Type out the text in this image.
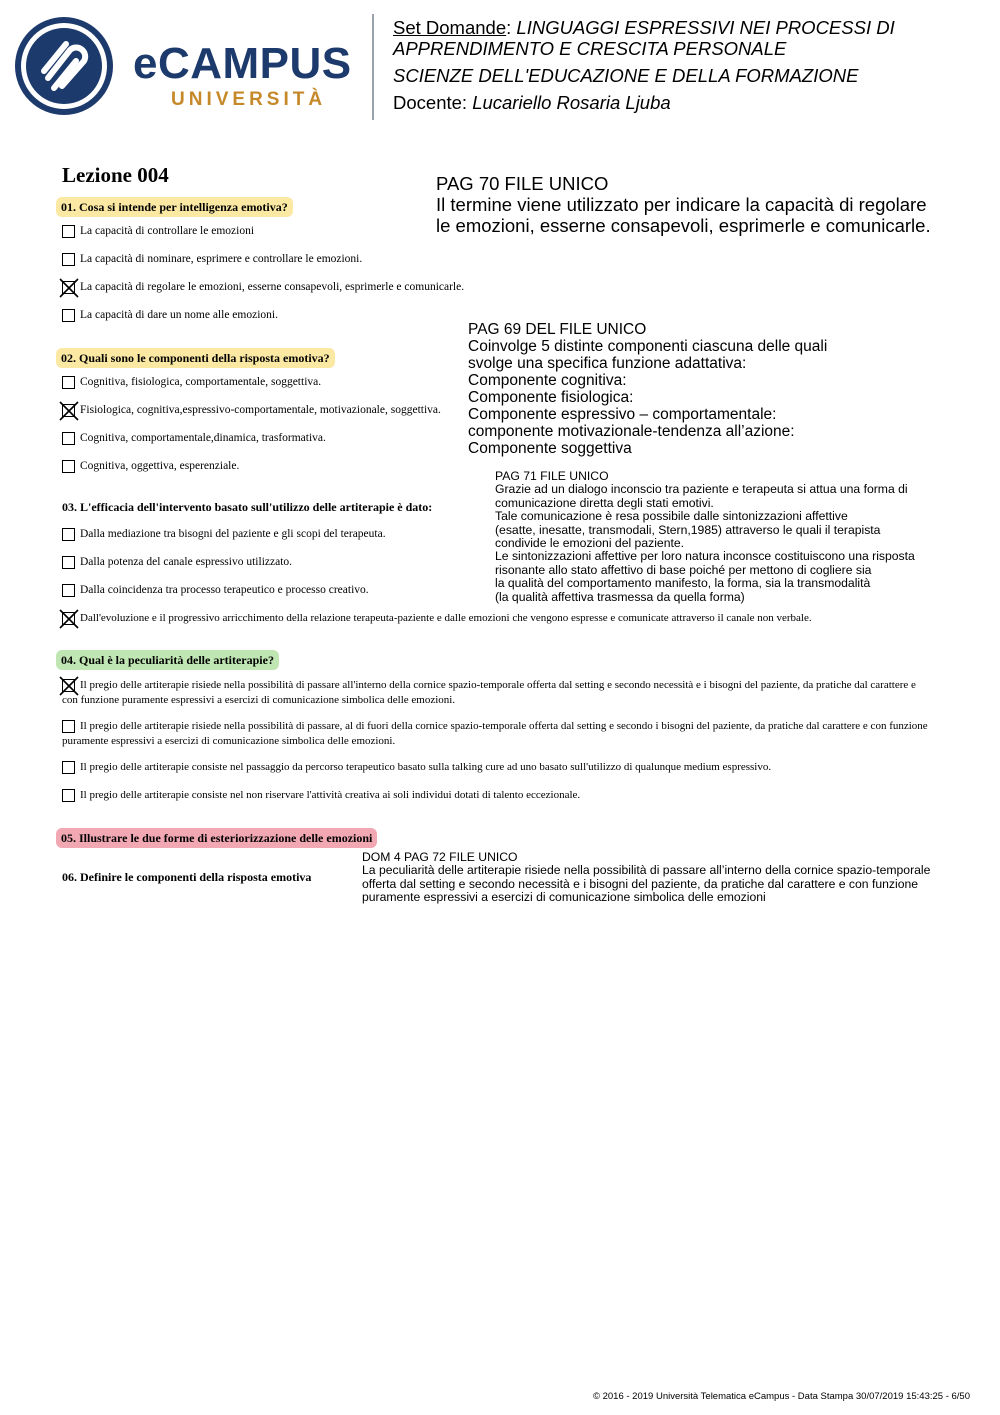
eCAMPUS
UNIVERSITÀ
Set Domande: LINGUAGGI ESPRESSIVI NEI PROCESSI DI
APPRENDIMENTO E CRESCITA PERSONALE
SCIENZE DELL'EDUCAZIONE E DELLA FORMAZIONE
Docente: Lucariello Rosaria Ljuba
Lezione 004
01. Cosa si intende per intelligenza emotiva?
La capacità di controllare le emozioni
La capacità di nominare, esprimere e controllare le emozioni.
La capacità di regolare le emozioni, esserne consapevoli, esprimerle e comunicarle.
La capacità di dare un nome alle emozioni.
02. Quali sono le componenti della risposta emotiva?
Cognitiva, fisiologica, comportamentale, soggettiva.
Fisiologica, cognitiva,espressivo-comportamentale, motivazionale, soggettiva.
Cognitiva, comportamentale,dinamica, trasformativa.
Cognitiva, oggettiva, esperenziale.
03. L'efficacia dell'intervento basato sull'utilizzo delle artiterapie è dato:
Dalla mediazione tra bisogni del paziente e gli scopi del terapeuta.
Dalla potenza del canale espressivo utilizzato.
Dalla coincidenza tra processo terapeutico e processo creativo.
Dall'evoluzione e il progressivo arricchimento della relazione terapeuta-paziente e dalle emozioni che vengono espresse e comunicate attraverso il canale non verbale.
04. Qual è la peculiarità delle artiterapie?
Il pregio delle artiterapie risiede nella possibilità di passare all'interno della cornice spazio-temporale offerta dal setting e secondo necessità e i bisogni del paziente, da pratiche dal carattere e con funzione puramente espressivi a esercizi di comunicazione simbolica delle emozioni.
Il pregio delle artiterapie risiede nella possibilità di passare, al di fuori della cornice spazio-temporale offerta dal setting e secondo i bisogni del paziente, da pratiche dal carattere e con funzione puramente espressivi a esercizi di comunicazione simbolica delle emozioni.
Il pregio delle artiterapie consiste nel passaggio da percorso terapeutico basato sulla talking cure ad uno basato sull'utilizzo di qualunque medium espressivo.
Il pregio delle artiterapie consiste nel non riservare l'attività creativa ai soli individui dotati di talento eccezionale.
05. Illustrare le due forme di esteriorizzazione delle emozioni
06. Definire le componenti della risposta emotiva
PAG 70 FILE UNICO
Il termine viene utilizzato per indicare la capacità di regolare
le emozioni, esserne consapevoli, esprimerle e comunicarle.
PAG 69 DEL FILE UNICO
Coinvolge 5 distinte componenti ciascuna delle quali
svolge una specifica funzione adattativa:
Componente cognitiva:
Componente fisiologica:
Componente espressivo – comportamentale:
componente motivazionale-tendenza all’azione:
Componente soggettiva
PAG 71 FILE UNICO
Grazie ad un dialogo inconscio tra paziente e terapeuta si attua una forma di
comunicazione diretta degli stati emotivi.
Tale comunicazione è resa possibile dalle sintonizzazioni affettive
(esatte, inesatte, transmodali, Stern,1985) attraverso le quali il terapista
condivide le emozioni del paziente.
Le sintonizzazioni affettive per loro natura inconsce costituiscono una risposta
risonante allo stato affettivo di base poiché per mettono di cogliere sia
la qualità del comportamento manifesto, la forma, sia la transmodalità
(la qualità affettiva trasmessa da quella forma)
DOM 4 PAG 72 FILE UNICO
La peculiarità delle artiterapie risiede nella possibilità di passare all’interno della cornice spazio-temporale
offerta dal setting e secondo necessità e i bisogni del paziente, da pratiche dal carattere e con funzione
puramente espressivi a esercizi di comunicazione simbolica delle emozioni
© 2016 - 2019 Università Telematica eCampus - Data Stampa 30/07/2019 15:43:25 - 6/50
